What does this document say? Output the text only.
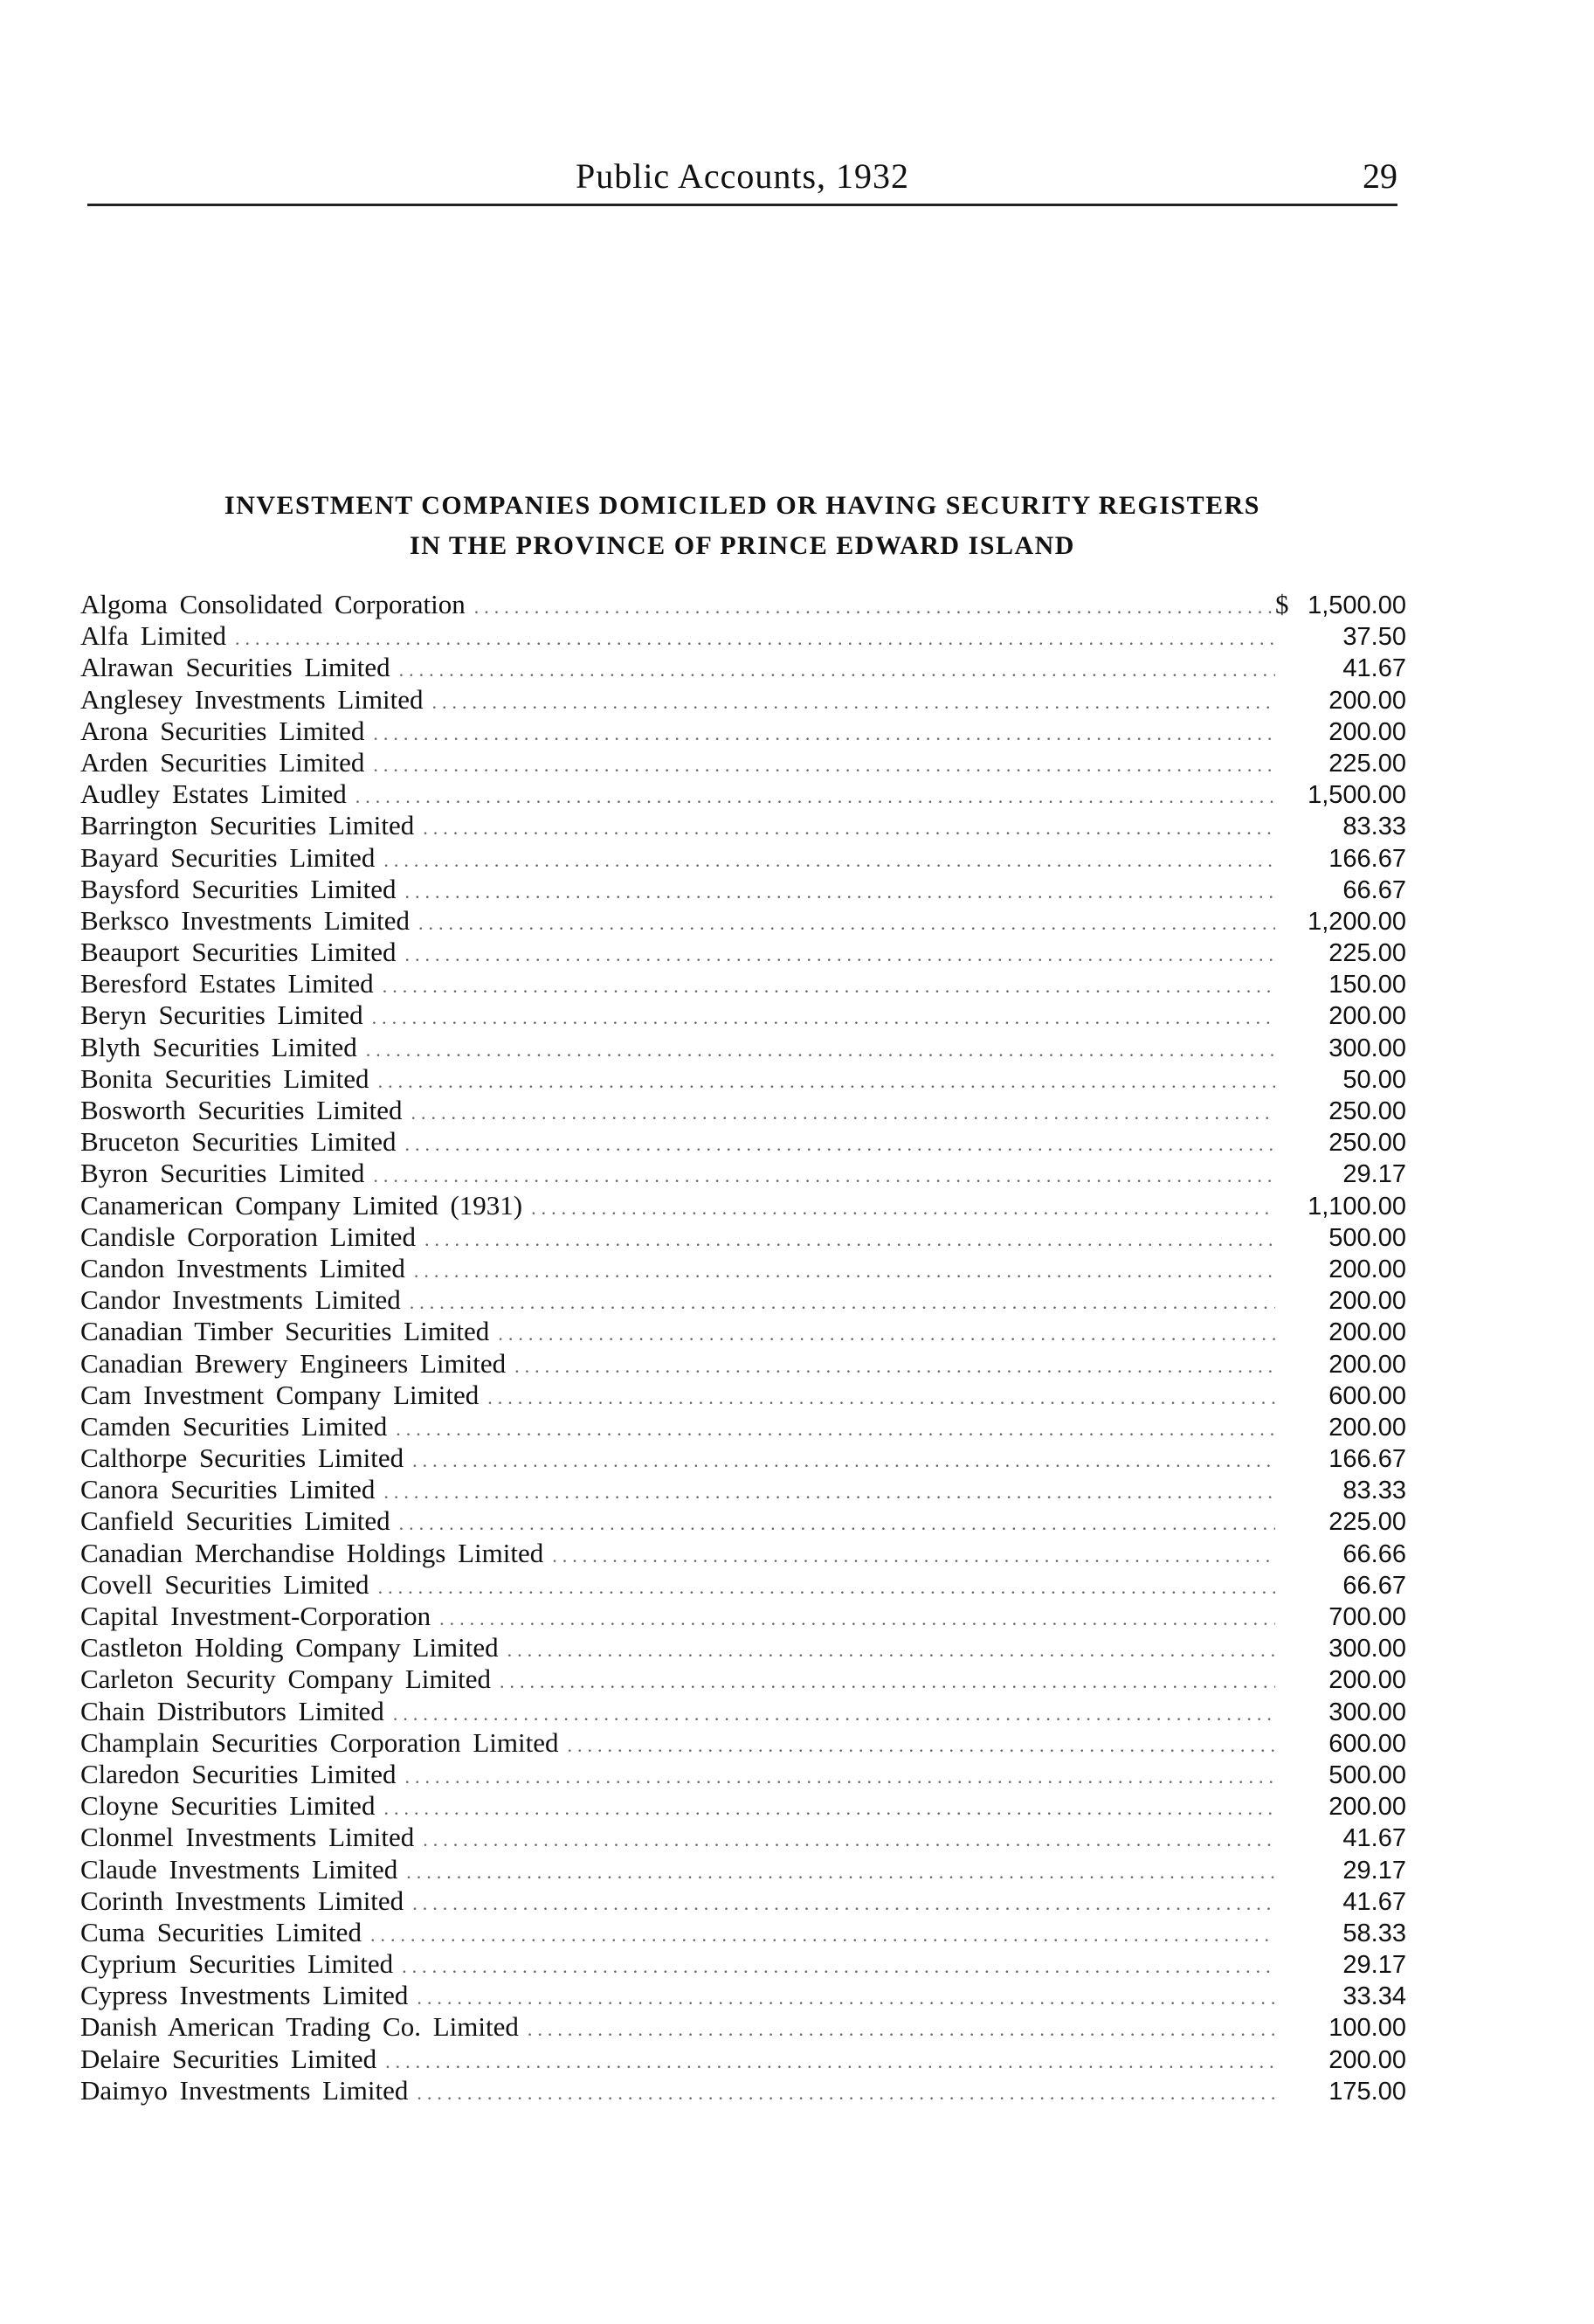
Public Accounts, 1932	29
INVESTMENT COMPANIES DOMICILED OR HAVING SECURITY REGISTERS
IN THE PROVINCE OF PRINCE EDWARD ISLAND
Algoma Consolidated Corporation .....	$ 1,500.00
Alfa Limited .....	37.50
Alrawan Securities Limited .....	41.67
Anglesey Investments Limited .....	200.00
Arona Securities Limited .....	200.00
Arden Securities Limited .....	225.00
Audley Estates Limited .....	1,500.00
Barrington Securities Limited .....	83.33
Bayard Securities Limited .....	166.67
Baysford Securities Limited .....	66.67
Berksco Investments Limited .....	1,200.00
Beauport Securities Limited .....	225.00
Beresford Estates Limited .....	150.00
Beryn Securities Limited .....	200.00
Blyth Securities Limited .....	300.00
Bonita Securities Limited .....	50.00
Bosworth Securities Limited .....	250.00
Bruceton Securities Limited .....	250.00
Byron Securities Limited .....	29.17
Canamerican Company Limited (1931) .....	1,100.00
Candisle Corporation Limited .....	500.00
Candon Investments Limited .....	200.00
Candor Investments Limited .....	200.00
Canadian Timber Securities Limited .....	200.00
Canadian Brewery Engineers Limited .....	200.00
Cam Investment Company Limited .....	600.00
Camden Securities Limited .....	200.00
Calthorpe Securities Limited .....	166.67
Canora Securities Limited .....	83.33
Canfield Securities Limited .....	225.00
Canadian Merchandise Holdings Limited .....	66.66
Covell Securities Limited .....	66.67
Capital Investment-Corporation .....	700.00
Castleton Holding Company Limited .....	300.00
Carleton Security Company Limited .....	200.00
Chain Distributors Limited .....	300.00
Champlain Securities Corporation Limited .....	600.00
Claredon Securities Limited .....	500.00
Cloyne Securities Limited .....	200.00
Clonmel Investments Limited .....	41.67
Claude Investments Limited .....	29.17
Corinth Investments Limited .....	41.67
Cuma Securities Limited .....	58.33
Cyprium Securities Limited .....	29.17
Cypress Investments Limited .....	33.34
Danish American Trading Co. Limited .....	100.00
Delaire Securities Limited .....	200.00
Daimyo Investments Limited .....	175.00
